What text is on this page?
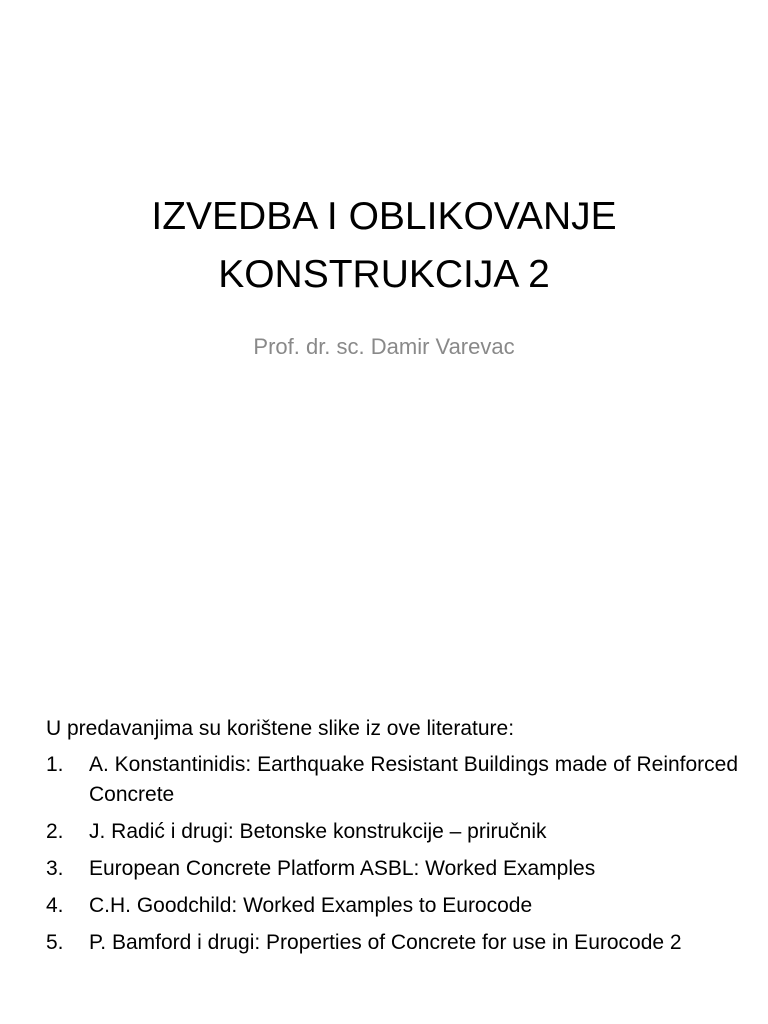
IZVEDBA I OBLIKOVANJE
KONSTRUKCIJA 2
Prof. dr. sc. Damir Varevac

U predavanjima su korištene slike iz ove literature:

1.	A. Konstantinidis: Earthquake Resistant Buildings made of Reinforced Concrete
2.	J. Radić i drugi: Betonske konstrukcije – priručnik
3.	European Concrete Platform ASBL: Worked Examples
4.	C.H. Goodchild: Worked Examples to Eurocode
5.	P. Bamford i drugi: Properties of Concrete for use in Eurocode 2
